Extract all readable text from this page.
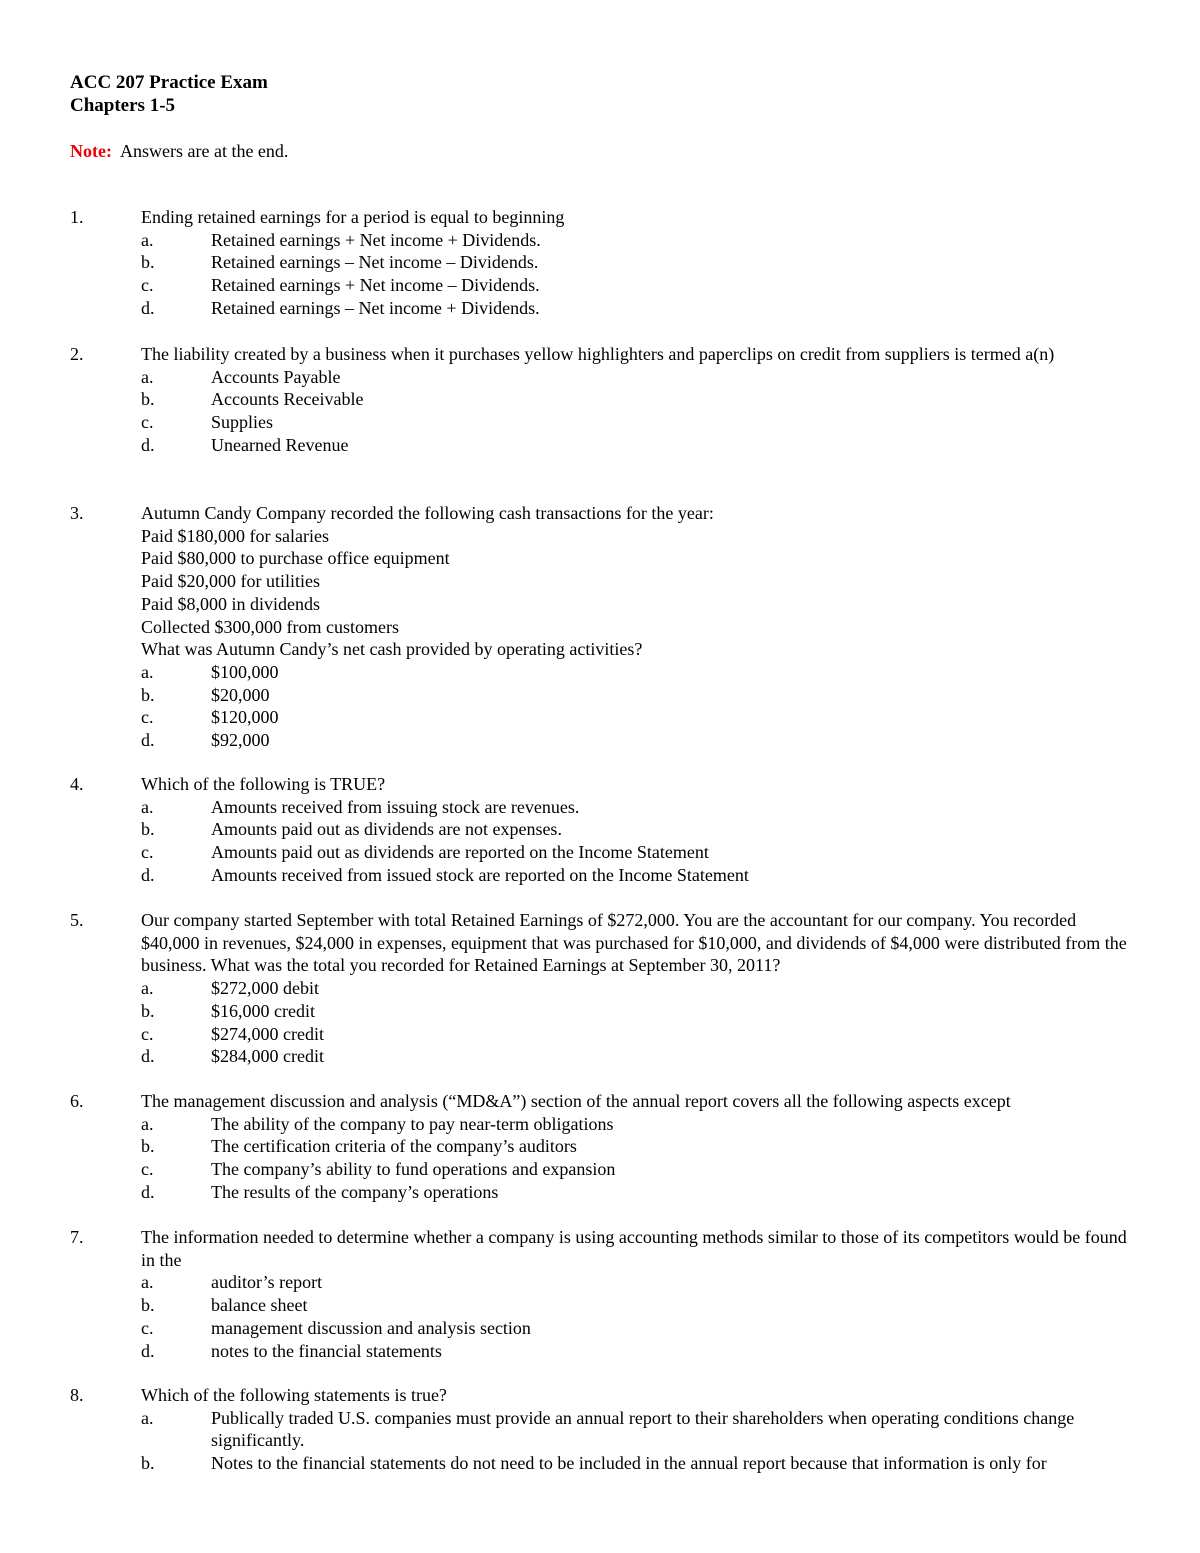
ACC 207 Practice Exam
Chapters 1-5
Note: Answers are at the end.
1.	Ending retained earnings for a period is equal to beginning
a.	Retained earnings + Net income + Dividends.
b.	Retained earnings – Net income – Dividends.
c.	Retained earnings + Net income – Dividends.
d.	Retained earnings – Net income + Dividends.
2.	The liability created by a business when it purchases yellow highlighters and paperclips on credit from suppliers is termed a(n)
a.	Accounts Payable
b.	Accounts Receivable
c.	Supplies
d.	Unearned Revenue
3.	Autumn Candy Company recorded the following cash transactions for the year:
Paid $180,000 for salaries
Paid $80,000 to purchase office equipment
Paid $20,000 for utilities
Paid $8,000 in dividends
Collected $300,000 from customers
What was Autumn Candy’s net cash provided by operating activities?
a.	$100,000
b.	$20,000
c.	$120,000
d.	$92,000
4.	Which of the following is TRUE?
a.	Amounts received from issuing stock are revenues.
b.	Amounts paid out as dividends are not expenses.
c.	Amounts paid out as dividends are reported on the Income Statement
d.	Amounts received from issued stock are reported on the Income Statement
5.	Our company started September with total Retained Earnings of $272,000. You are the accountant for our company. You recorded $40,000 in revenues, $24,000 in expenses, equipment that was purchased for $10,000, and dividends of $4,000 were distributed from the business. What was the total you recorded for Retained Earnings at September 30, 2011?
a.	$272,000 debit
b.	$16,000 credit
c.	$274,000 credit
d.	$284,000 credit
6.	The management discussion and analysis (“MD&A”) section of the annual report covers all the following aspects except
a.	The ability of the company to pay near-term obligations
b.	The certification criteria of the company’s auditors
c.	The company’s ability to fund operations and expansion
d.	The results of the company’s operations
7.	The information needed to determine whether a company is using accounting methods similar to those of its competitors would be found in the
a.	auditor’s report
b.	balance sheet
c.	management discussion and analysis section
d.	notes to the financial statements
8.	Which of the following statements is true?
a.	Publically traded U.S. companies must provide an annual report to their shareholders when operating conditions change significantly.
b.	Notes to the financial statements do not need to be included in the annual report because that information is only for
